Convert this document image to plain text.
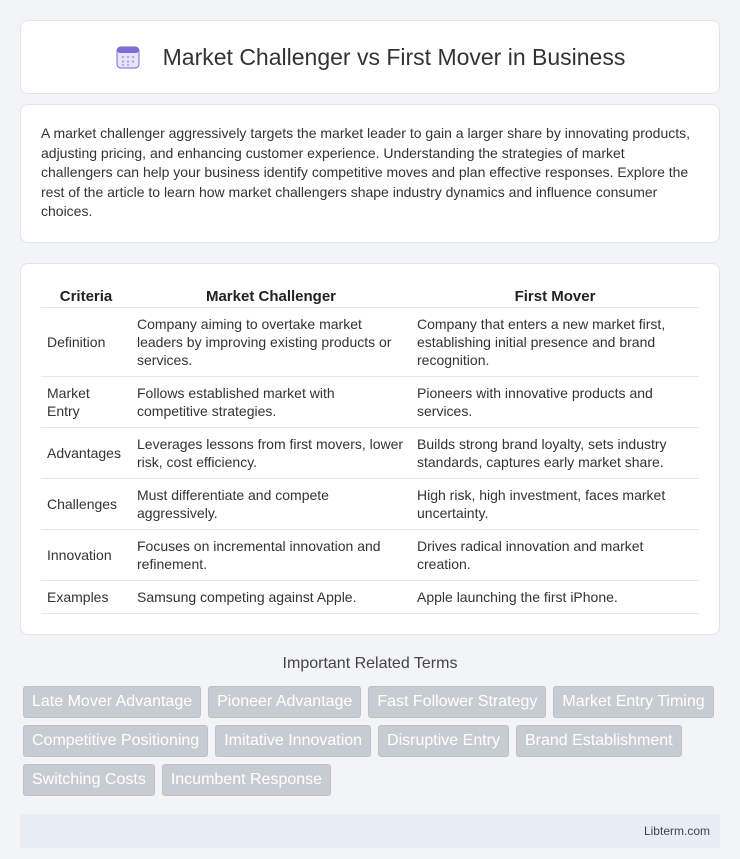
Market Challenger vs First Mover in Business

A market challenger aggressively targets the market leader to gain a larger share by innovating products, adjusting pricing, and enhancing customer experience. Understanding the strategies of market challengers can help your business identify competitive moves and plan effective responses. Explore the rest of the article to learn how market challengers shape industry dynamics and influence consumer choices.

Criteria	Market Challenger	First Mover
Definition	Company aiming to overtake market leaders by improving existing products or services.	Company that enters a new market first, establishing initial presence and brand recognition.
Market Entry	Follows established market with competitive strategies.	Pioneers with innovative products and services.
Advantages	Leverages lessons from first movers, lower risk, cost efficiency.	Builds strong brand loyalty, sets industry standards, captures early market share.
Challenges	Must differentiate and compete aggressively.	High risk, high investment, faces market uncertainty.
Innovation	Focuses on incremental innovation and refinement.	Drives radical innovation and market creation.
Examples	Samsung competing against Apple.	Apple launching the first iPhone.
Important Related Terms
Late Mover Advantage	Pioneer Advantage	Fast Follower Strategy	Market Entry Timing
Competitive Positioning	Imitative Innovation	Disruptive Entry	Brand Establishment
Switching Costs	Incumbent Response
Libterm.com
